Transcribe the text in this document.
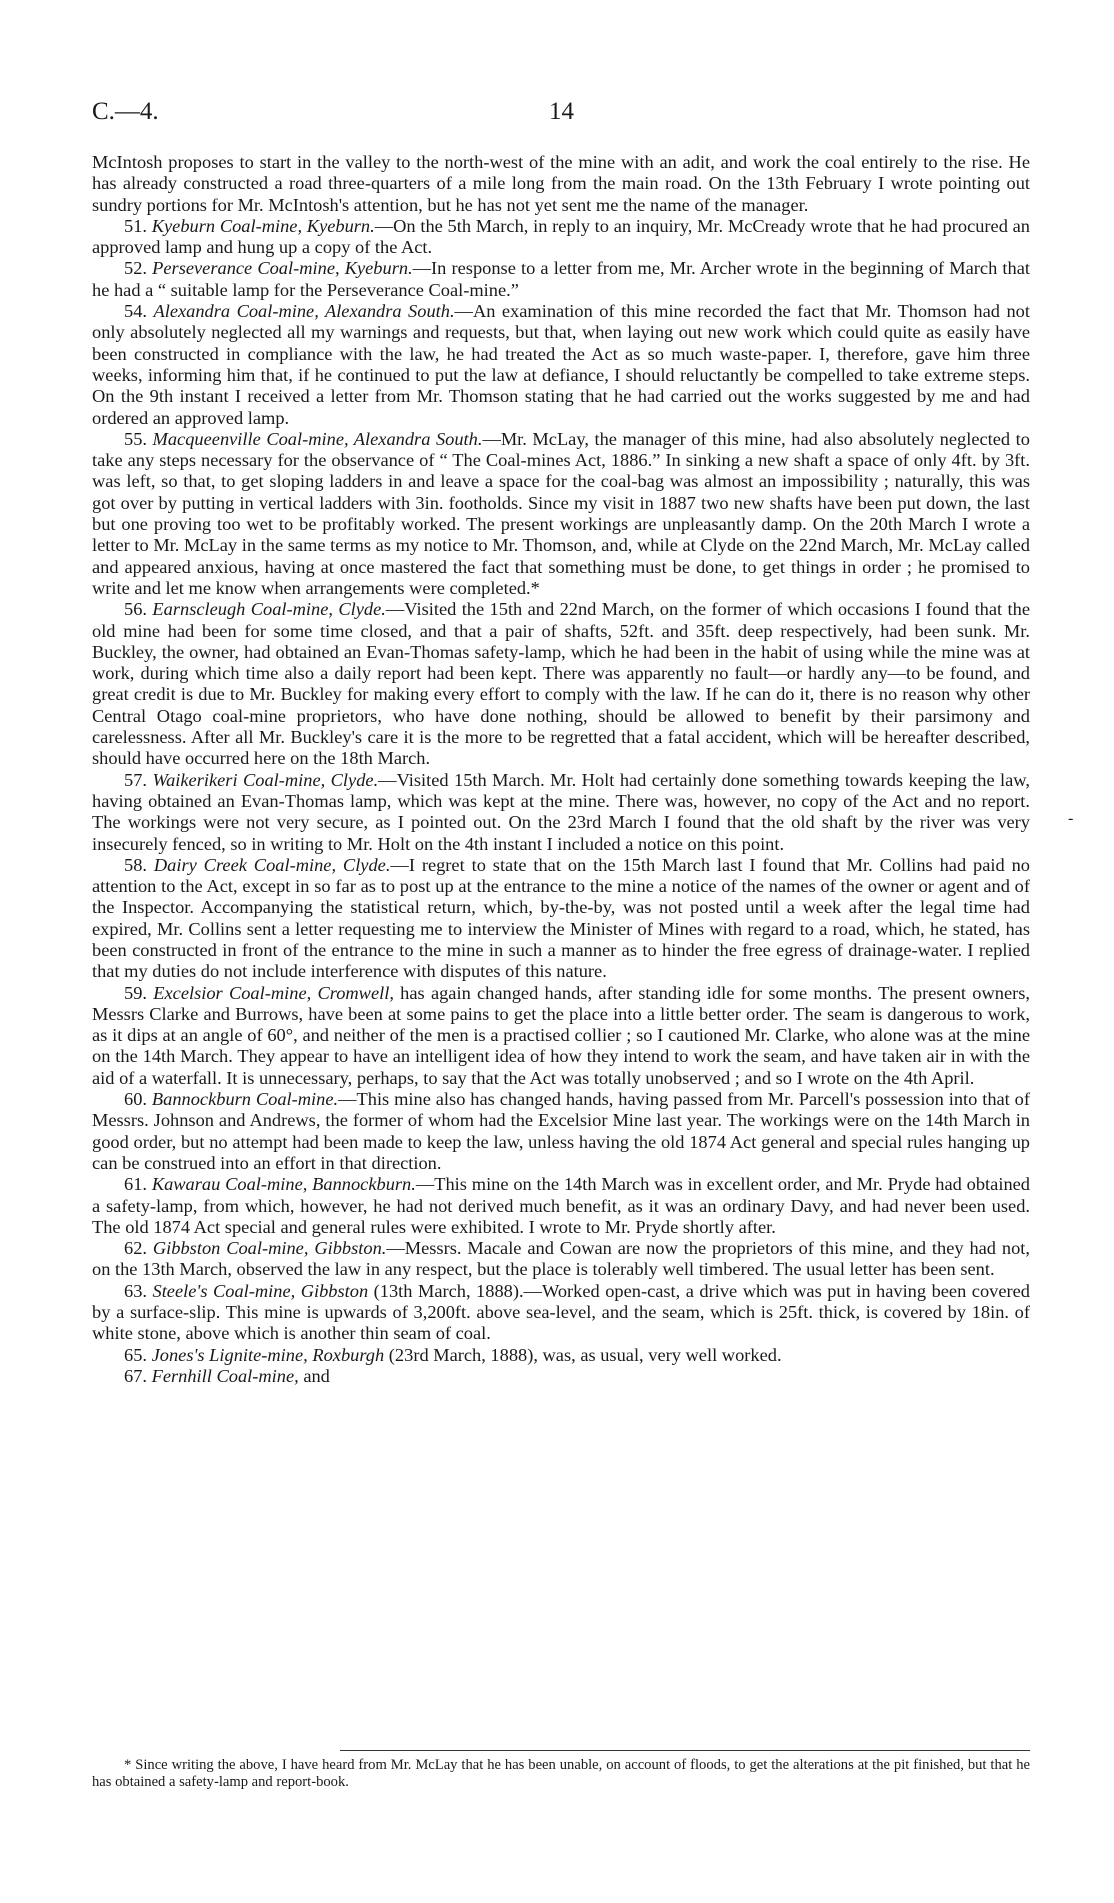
C.—4.	14

McIntosh proposes to start in the valley to the north-west of the mine with an adit, and work the coal entirely to the rise. He has already constructed a road three-quarters of a mile long from the main road. On the 13th February I wrote pointing out sundry portions for Mr. McIntosh's attention, but he has not yet sent me the name of the manager.

51. Kyeburn Coal-mine, Kyeburn.—On the 5th March, in reply to an inquiry, Mr. McCready wrote that he had procured an approved lamp and hung up a copy of the Act.

52. Perseverance Coal-mine, Kyeburn.—In response to a letter from me, Mr. Archer wrote in the beginning of March that he had a “ suitable lamp for the Perseverance Coal-mine.”

54. Alexandra Coal-mine, Alexandra South.—An examination of this mine recorded the fact that Mr. Thomson had not only absolutely neglected all my warnings and requests, but that, when laying out new work which could quite as easily have been constructed in compliance with the law, he had treated the Act as so much waste-paper. I, therefore, gave him three weeks, informing him that, if he continued to put the law at defiance, I should reluctantly be compelled to take extreme steps. On the 9th instant I received a letter from Mr. Thomson stating that he had carried out the works suggested by me and had ordered an approved lamp.

55. Macqueenville Coal-mine, Alexandra South.—Mr. McLay, the manager of this mine, had also absolutely neglected to take any steps necessary for the observance of “ The Coal-mines Act, 1886.” In sinking a new shaft a space of only 4ft. by 3ft. was left, so that, to get sloping ladders in and leave a space for the coal-bag was almost an impossibility ; naturally, this was got over by putting in vertical ladders with 3in. footholds. Since my visit in 1887 two new shafts have been put down, the last but one proving too wet to be profitably worked. The present workings are unpleasantly damp. On the 20th March I wrote a letter to Mr. McLay in the same terms as my notice to Mr. Thomson, and, while at Clyde on the 22nd March, Mr. McLay called and appeared anxious, having at once mastered the fact that something must be done, to get things in order ; he promised to write and let me know when arrangements were completed.*

56. Earnscleugh Coal-mine, Clyde.—Visited the 15th and 22nd March, on the former of which occasions I found that the old mine had been for some time closed, and that a pair of shafts, 52ft. and 35ft. deep respectively, had been sunk. Mr. Buckley, the owner, had obtained an Evan-Thomas safety-lamp, which he had been in the habit of using while the mine was at work, during which time also a daily report had been kept. There was apparently no fault—or hardly any—to be found, and great credit is due to Mr. Buckley for making every effort to comply with the law. If he can do it, there is no reason why other Central Otago coal-mine proprietors, who have done nothing, should be allowed to benefit by their parsimony and carelessness. After all Mr. Buckley's care it is the more to be regretted that a fatal accident, which will be hereafter described, should have occurred here on the 18th March.

57. Waikerikeri Coal-mine, Clyde.—Visited 15th March. Mr. Holt had certainly done something towards keeping the law, having obtained an Evan-Thomas lamp, which was kept at the mine. There was, however, no copy of the Act and no report. The workings were not very secure, as I pointed out. On the 23rd March I found that the old shaft by the river was very insecurely fenced, so in writing to Mr. Holt on the 4th instant I included a notice on this point.

58. Dairy Creek Coal-mine, Clyde.—I regret to state that on the 15th March last I found that Mr. Collins had paid no attention to the Act, except in so far as to post up at the entrance to the mine a notice of the names of the owner or agent and of the Inspector. Accompanying the statistical return, which, by-the-by, was not posted until a week after the legal time had expired, Mr. Collins sent a letter requesting me to interview the Minister of Mines with regard to a road, which, he stated, has been constructed in front of the entrance to the mine in such a manner as to hinder the free egress of drainage-water. I replied that my duties do not include interference with disputes of this nature.

59. Excelsior Coal-mine, Cromwell, has again changed hands, after standing idle for some months. The present owners, Messrs Clarke and Burrows, have been at some pains to get the place into a little better order. The seam is dangerous to work, as it dips at an angle of 60°, and neither of the men is a practised collier ; so I cautioned Mr. Clarke, who alone was at the mine on the 14th March. They appear to have an intelligent idea of how they intend to work the seam, and have taken air in with the aid of a waterfall. It is unnecessary, perhaps, to say that the Act was totally unobserved ; and so I wrote on the 4th April.

60. Bannockburn Coal-mine.—This mine also has changed hands, having passed from Mr. Parcell's possession into that of Messrs. Johnson and Andrews, the former of whom had the Excelsior Mine last year. The workings were on the 14th March in good order, but no attempt had been made to keep the law, unless having the old 1874 Act general and special rules hanging up can be construed into an effort in that direction.

61. Kawarau Coal-mine, Bannockburn.—This mine on the 14th March was in excellent order, and Mr. Pryde had obtained a safety-lamp, from which, however, he had not derived much benefit, as it was an ordinary Davy, and had never been used. The old 1874 Act special and general rules were exhibited. I wrote to Mr. Pryde shortly after.

62. Gibbston Coal-mine, Gibbston.—Messrs. Macale and Cowan are now the proprietors of this mine, and they had not, on the 13th March, observed the law in any respect, but the place is tolerably well timbered. The usual letter has been sent.

63. Steele's Coal-mine, Gibbston (13th March, 1888).—Worked open-cast, a drive which was put in having been covered by a surface-slip. This mine is upwards of 3,200ft. above sea-level, and the seam, which is 25ft. thick, is covered by 18in. of white stone, above which is another thin seam of coal.

65. Jones's Lignite-mine, Roxburgh (23rd March, 1888), was, as usual, very well worked.

67. Fernhill Coal-mine, and

-
* Since writing the above, I have heard from Mr. McLay that he has been unable, on account of floods, to get the alterations at the pit finished, but that he has obtained a safety-lamp and report-book.
